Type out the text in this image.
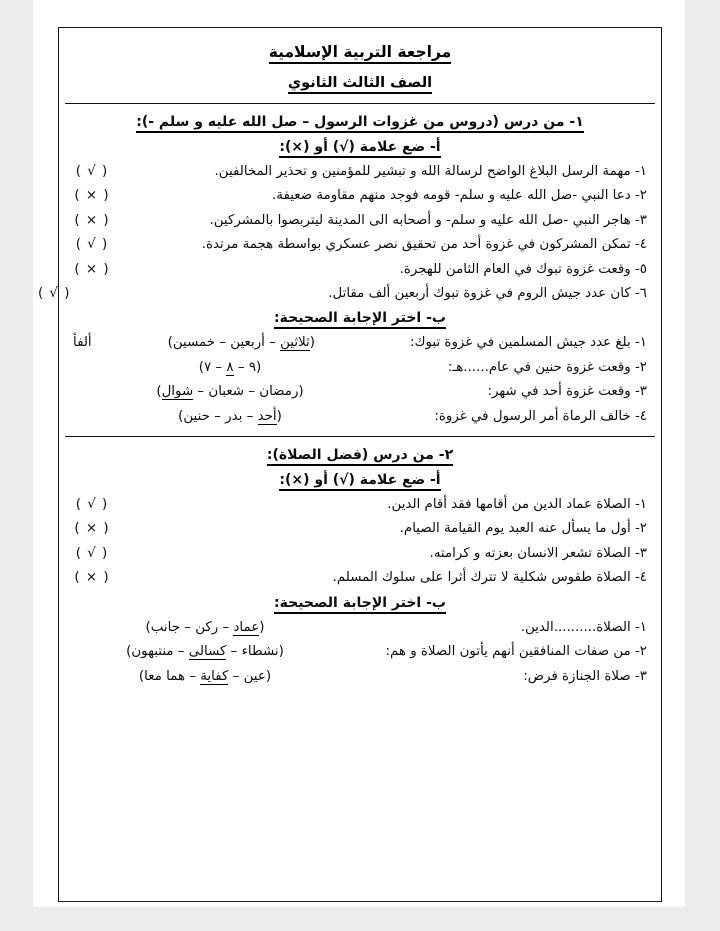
مراجعة التربية الإسلامية
الصف الثالث الثانوي
١- من درس (دروس من غزوات الرسول – صل الله عليه و سلم -):
أ- ضع علامة (√) أو (×):
١- مهمة الرسل البلاغ الواضح لرسالة الله و تبشير للمؤمنين و تحذير المخالفين.
( √ )
٢- دعا النبي -صل الله عليه و سلم- قومه فوجد منهم مقاومة ضعيفة.
( × )
٣- هاجر النبي -صل الله عليه و سلم- و أصحابه الى المدينة ليتربصوا بالمشركين.
( × )
٤- تمكن المشركون في غزوة أحد من تحقيق نصر عسكري بواسطة هجمة مرتدة.
( √ )
٥- وقعت غزوة تبوك في العام الثامن للهجرة.
( × )
٦- كان عدد جيش الروم في غزوة تبوك أربعين ألف مقاتل.
( √ )
ب- اختر الإجابة الصحيحة:
١- بلغ عدد جيش المسلمين في غزوة تبوك:
(ثلاثين – أربعين – خمسين)
ألفأ
٢- وقعت غزوة حنين في عام......هـ:
(٩ – ٨ – ٧)
٣- وقعت غزوة أحد في شهر:
(رمضان – شعبان – شوال)
٤- خالف الرماة أمر الرسول في غزوة:
(أحد – بدر – حنين)
٢- من درس (فضل الصلاة):
أ- ضع علامة (√) أو (×):
١- الصلاة عماد الدين من أقامها فقد أقام الدين.
( √ )
٢- أول ما يسأل عنه العبد يوم القيامة الصيام.
( × )
٣- الصلاة تشعر الانسان بعزته و كرامته.
( √ )
٤- الصلاة طقوس شكلية لا تترك أثرا على سلوك المسلم.
( × )
ب- اختر الإجابة الصحيحة:
١- الصلاة..........الدين.
(عماد – ركن – جانب)
٢- من صفات المنافقين أنهم يأتون الصلاة و هم:
(نشطاء – كسالى – منتبهون)
٣- صلاة الجنازة فرض:
(عين – كفاية – هما معا)
